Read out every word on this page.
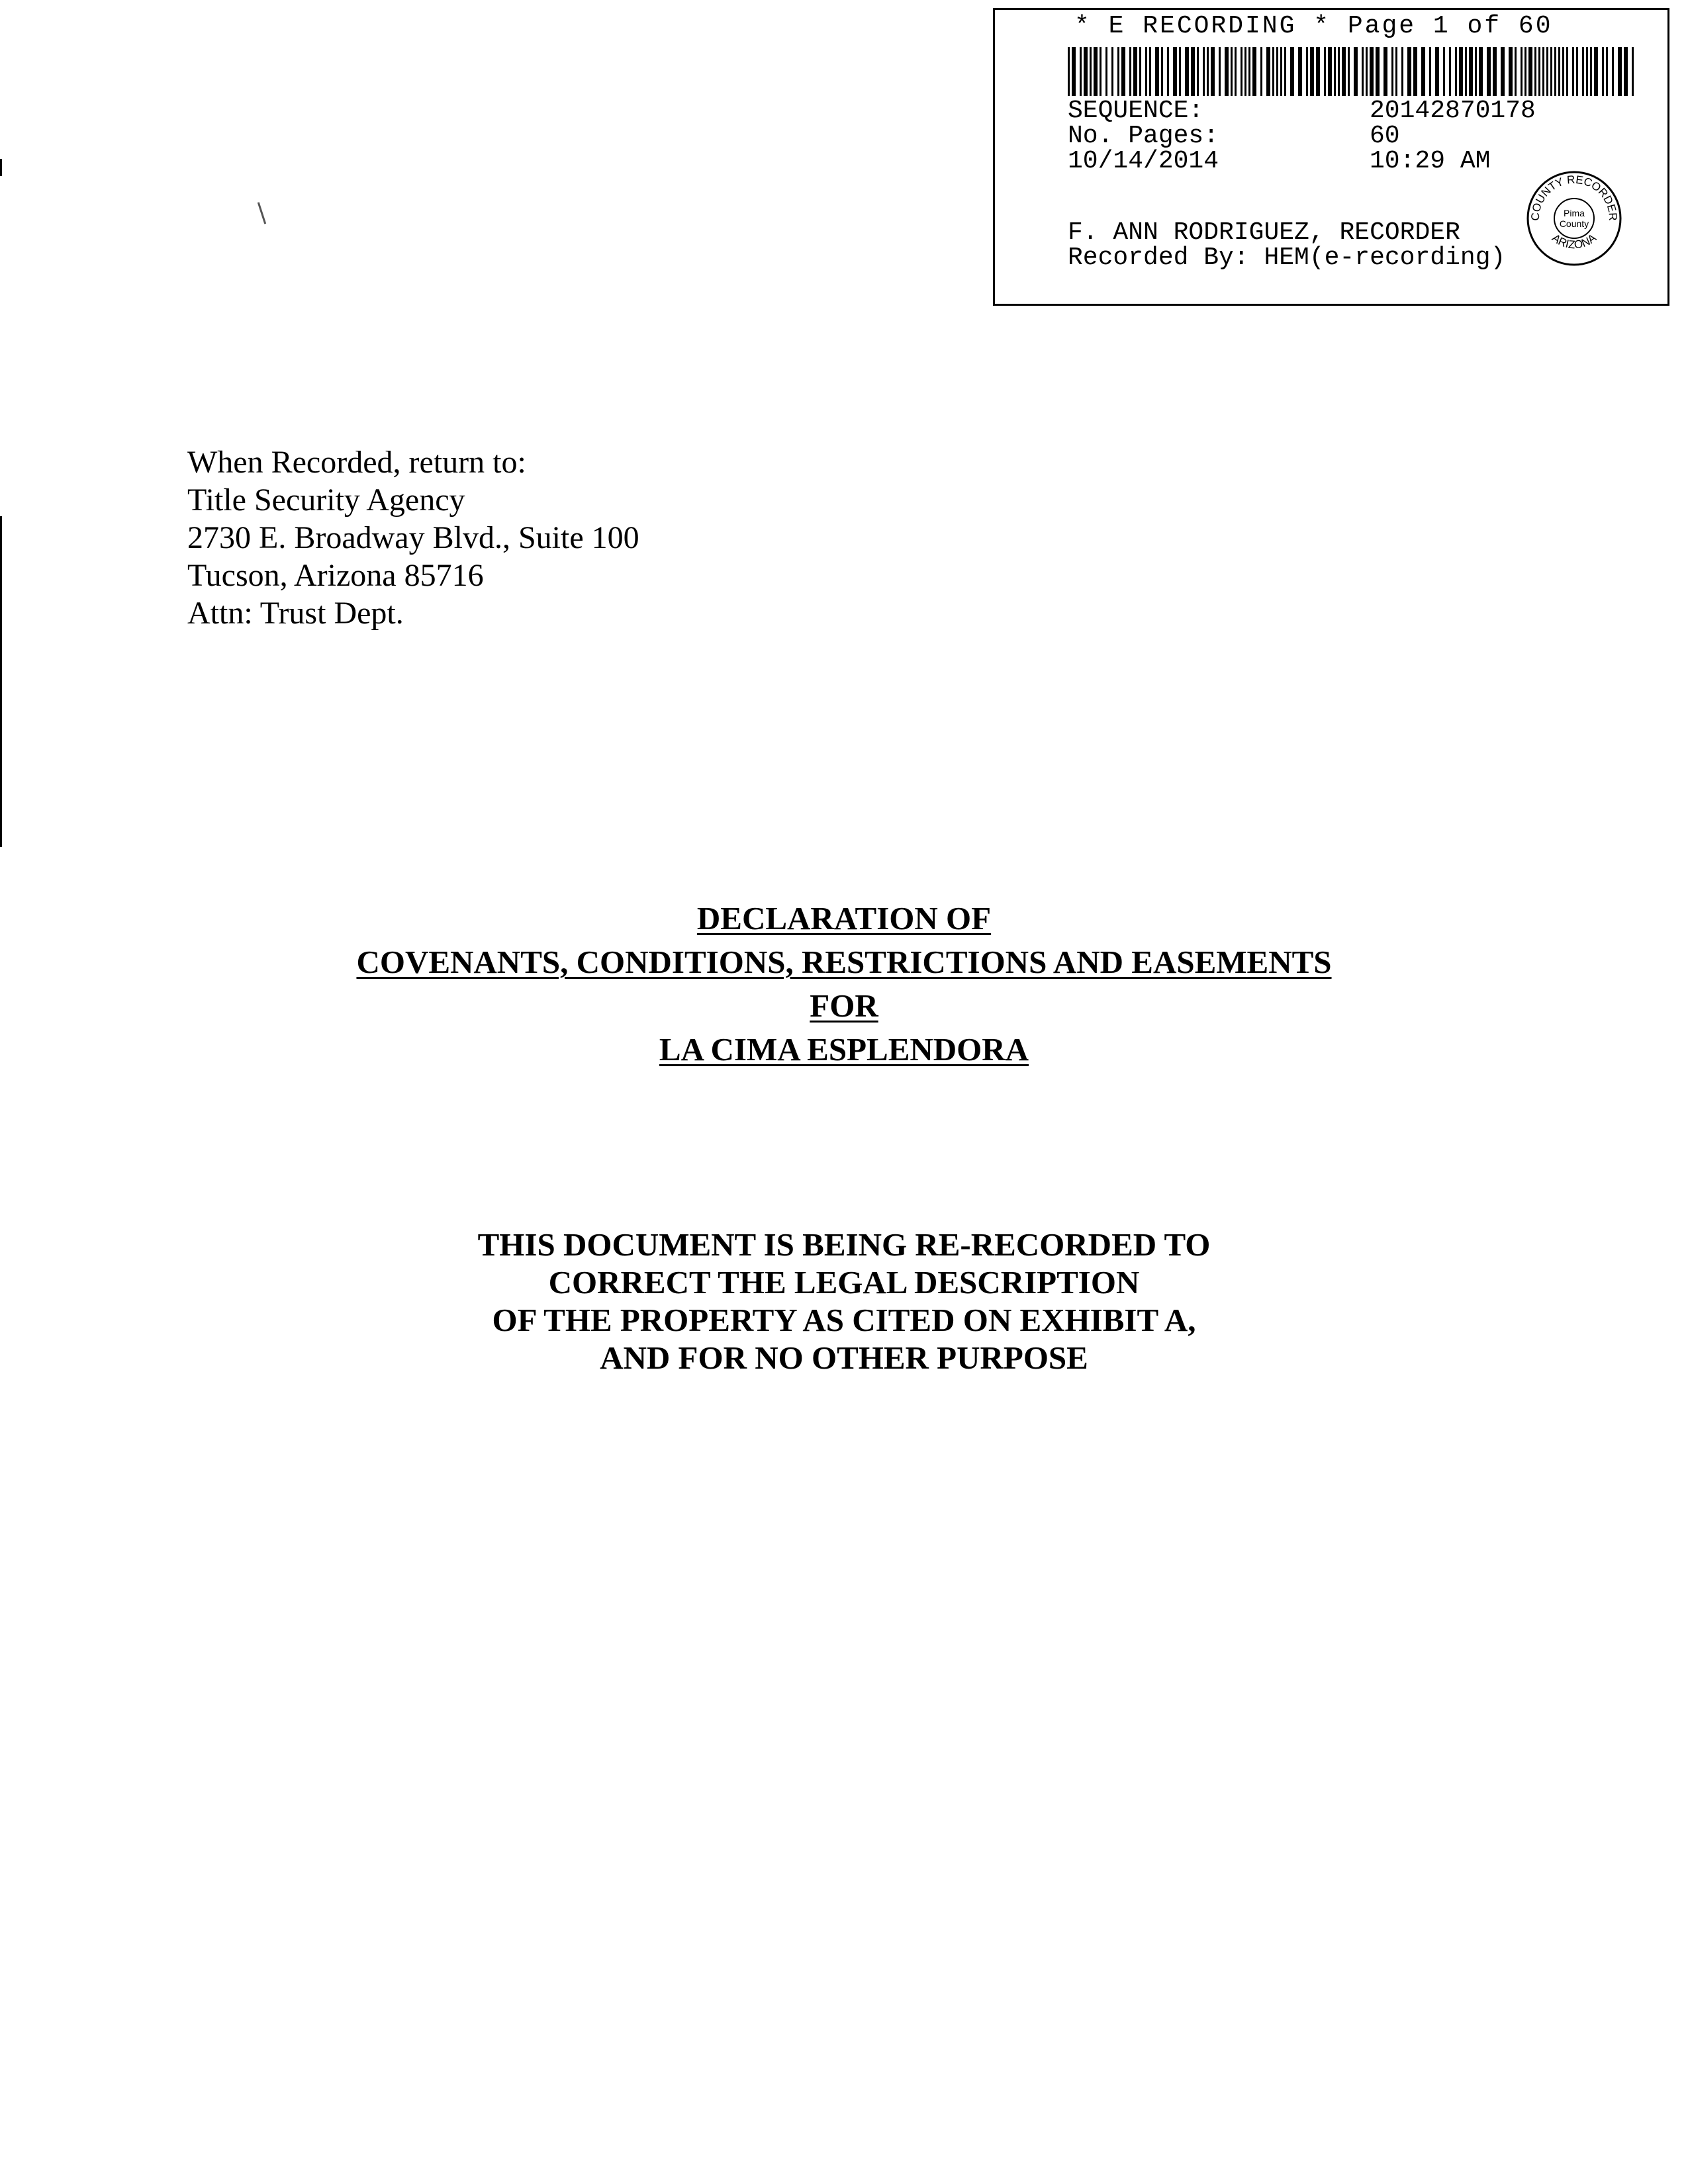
* E RECORDING * Page 1 of 60
SEQUENCE:	20142870178
No. Pages:	60
10/14/2014	10:29 AM
F. ANN RODRIGUEZ, RECORDER
Recorded By: HEM(e-recording)
COUNTY RECORDER
ARIZONA
Pima
County
When Recorded, return to:
Title Security Agency
2730 E. Broadway Blvd., Suite 100
Tucson, Arizona 85716
Attn: Trust Dept.
DECLARATION OF
COVENANTS, CONDITIONS, RESTRICTIONS AND EASEMENTS
FOR
LA CIMA ESPLENDORA
THIS DOCUMENT IS BEING RE-RECORDED TO
CORRECT THE LEGAL DESCRIPTION
OF THE PROPERTY AS CITED ON EXHIBIT A,
AND FOR NO OTHER PURPOSE
